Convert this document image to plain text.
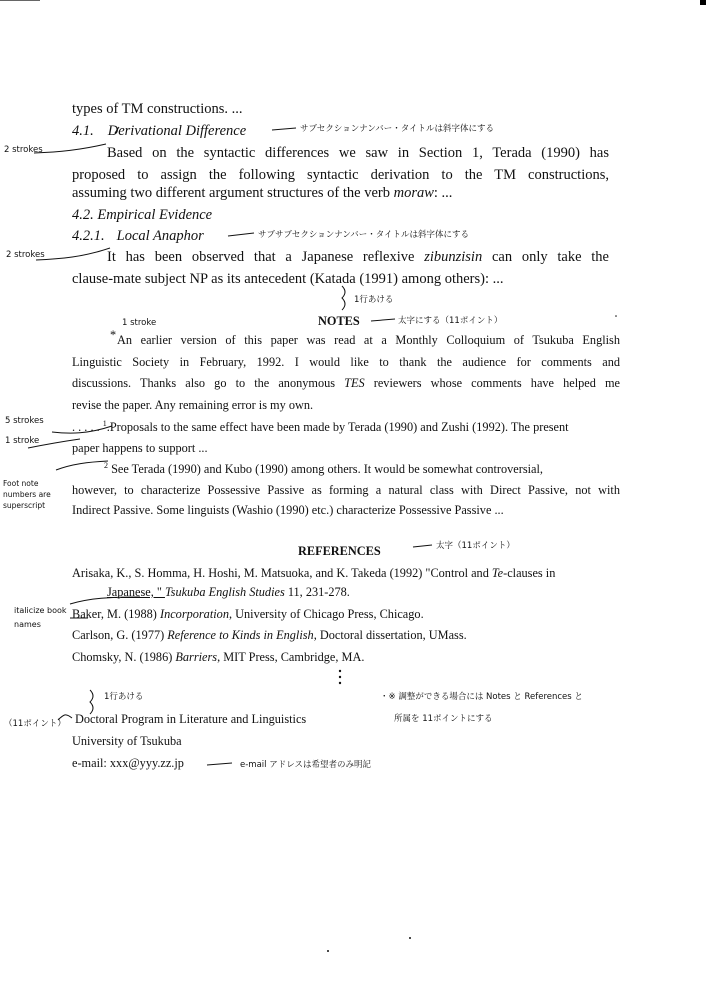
types of TM constructions. ...
4.1. Derivational Difference
Based on the syntactic differences we saw in Section 1, Terada (1990) has
proposed to assign the following syntactic derivation to the TM constructions,
assuming two different argument structures of the verb moraw: ...
4.2. Empirical Evidence
4.2.1. Local Anaphor
It has been observed that a Japanese reflexive zibunzisin can only take the
clause-mate subject NP as its antecedent (Katada (1991) among others): ...
NOTES
* An earlier version of this paper was read at a Monthly Colloquium of Tsukuba English
Linguistic Society in February, 1992. I would like to thank the audience for comments and
discussions. Thanks also go to the anonymous TES reviewers whose comments have helped me
revise the paper. Any remaining error is my own.
. . . . . $^1$.Proposals to the same effect have been made by Terada (1990) and Zushi (1992). The present
paper happens to support ...
$^2$ See Terada (1990) and Kubo (1990) among others. It would be somewhat controversial,
however, to characterize Possessive Passive as forming a natural class with Direct Passive, not with
Indirect Passive. Some linguists (Washio (1990) etc.) characterize Possessive Passive ...
REFERENCES
Arisaka, K., S. Homma, H. Hoshi, M. Matsuoka, and K. Takeda (1992) "Control and Te-clauses in
Japanese, " Tsukuba English Studies 11, 231-278.
Baker, M. (1988) Incorporation, University of Chicago Press, Chicago.
Carlson, G. (1977) Reference to Kinds in English, Doctoral dissertation, UMass.
Chomsky, N. (1986) Barriers, MIT Press, Cambridge, MA.
Doctoral Program in Literature and Linguistics
University of Tsukuba
e-mail: xxx@yyy.zz.jp
サブセクションナンバー・タイトルは斜字体にする
2 strokes
サブサブセクションナンバー・タイトルは斜字体にする
2 strokes
1行あける
1 stroke	太字にする（11ポイント）
5 strokes
1 stroke
Foot note numbers are superscript
太字（11ポイント）
italicize book names
1行あける
（11ポイント）
・※ 調整ができる場合には Notes と References と
所属を 11ポイントにする
e-mail アドレスは希望者のみ明記
